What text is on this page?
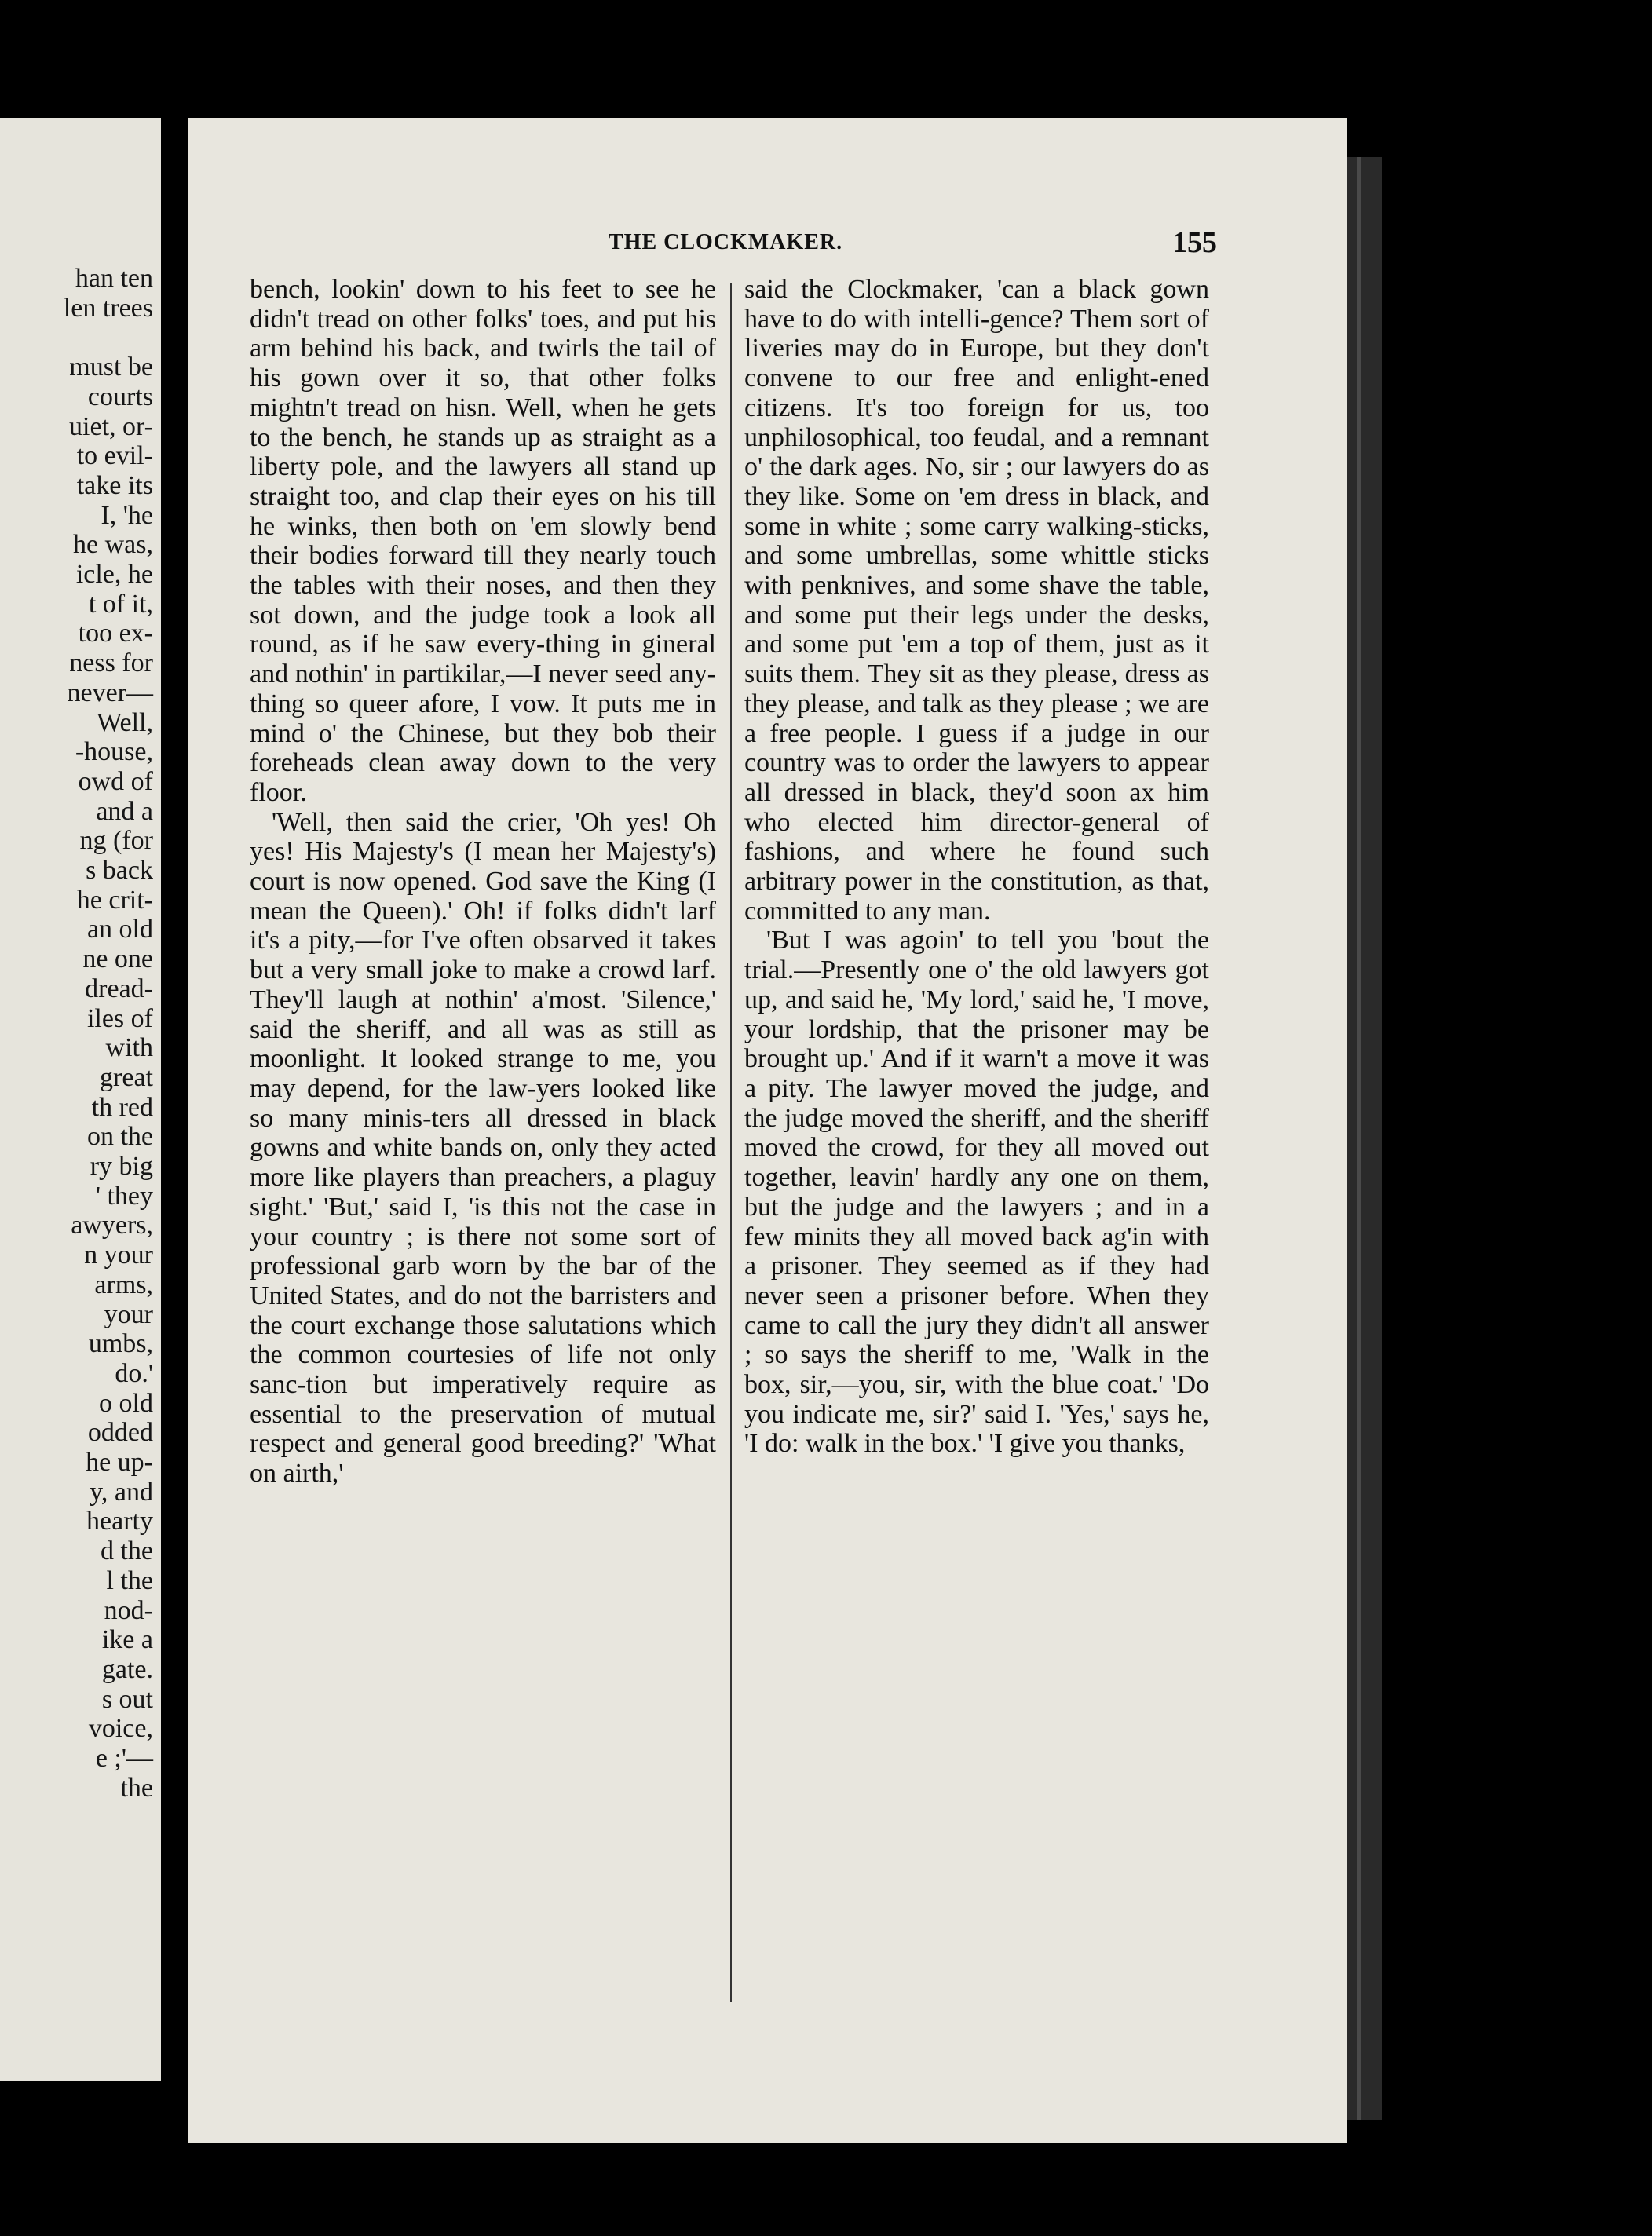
han ten
len trees
must be
courts
uiet, or-
to evil-
take its
I, 'he
he was,
icle, he
t of it,
too ex-
ness for
never—
Well,
-house,
owd of
and a
ng (for
s back
he crit-
an old
ne one
dread-
iles of
with
great
th red
on the
ry big
' they
awyers,
n your
arms,
your
umbs,
do.'
o old
odded
he up-
y, and
hearty
d the
l the
nod-
ike a
gate.
s out
voice,
e ;'—
the
THE CLOCKMAKER.	155

bench, lookin' down to his feet to see he didn't tread on other folks' toes, and put his arm behind his back, and twirls the tail of his gown over it so, that other folks mightn't tread on hisn. Well, when he gets to the bench, he stands up as straight as a liberty pole, and the lawyers all stand up straight too, and clap their eyes on his till he winks, then both on 'em slowly bend their bodies forward till they nearly touch the tables with their noses, and then they sot down, and the judge took a look all round, as if he saw every-thing in gineral and nothin' in partikilar,—I never seed any-thing so queer afore, I vow. It puts me in mind o' the Chinese, but they bob their foreheads clean away down to the very floor.

'Well, then said the crier, 'Oh yes! Oh yes! His Majesty's (I mean her Majesty's) court is now opened. God save the King (I mean the Queen).' Oh! if folks didn't larf it's a pity,—for I've often obsarved it takes but a very small joke to make a crowd larf. They'll laugh at nothin' a'most. 'Silence,' said the sheriff, and all was as still as moonlight. It looked strange to me, you may depend, for the law-yers looked like so many minis-ters all dressed in black gowns and white bands on, only they acted more like players than preachers, a plaguy sight.' 'But,' said I, 'is this not the case in your country ; is there not some sort of professional garb worn by the bar of the United States, and do not the barristers and the court exchange those salutations which the common courtesies of life not only sanc-tion but imperatively require as essential to the preservation of mutual respect and general good breeding?' 'What on airth,'

said the Clockmaker, 'can a black gown have to do with intelli-gence? Them sort of liveries may do in Europe, but they don't convene to our free and enlight-ened citizens. It's too foreign for us, too unphilosophical, too feudal, and a remnant o' the dark ages. No, sir ; our lawyers do as they like. Some on 'em dress in black, and some in white ; some carry walking-sticks, and some umbrellas, some whittle sticks with penknives, and some shave the table, and some put their legs under the desks, and some put 'em a top of them, just as it suits them. They sit as they please, dress as they please, and talk as they please ; we are a free people. I guess if a judge in our country was to order the lawyers to appear all dressed in black, they'd soon ax him who elected him director-general of fashions, and where he found such arbitrary power in the constitution, as that, committed to any man.

'But I was agoin' to tell you 'bout the trial.—Presently one o' the old lawyers got up, and said he, 'My lord,' said he, 'I move, your lordship, that the prisoner may be brought up.' And if it warn't a move it was a pity. The lawyer moved the judge, and the judge moved the sheriff, and the sheriff moved the crowd, for they all moved out together, leavin' hardly any one on them, but the judge and the lawyers ; and in a few minits they all moved back ag'in with a prisoner. They seemed as if they had never seen a prisoner before. When they came to call the jury they didn't all answer ; so says the sheriff to me, 'Walk in the box, sir,—you, sir, with the blue coat.' 'Do you indicate me, sir?' said I. 'Yes,' says he, 'I do: walk in the box.' 'I give you thanks,
